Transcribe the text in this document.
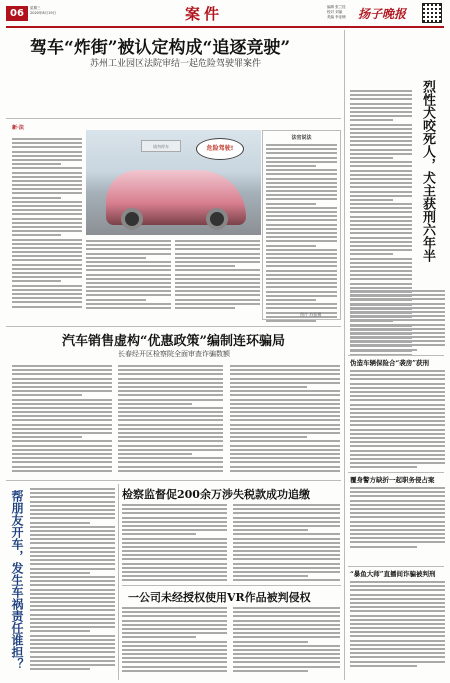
06	星期三
2020年8月19日	案件	编辑 张兰桂
校对 刘丽
美编 李亚楠 扬子晚报
驾车“炸街”被认定构成“追逐竞驶”
苏州工业园区法院审结一起危险驾驶罪案件
新·法
请勿停车	危险驾驶!
法官说法
图片 苏报摄
烈性犬咬死人，犬主获刑六年半
伪造车辆保险合“袭房”获刑
覆身警方缺折一起职务侵占案
“暴鱼大师”直播间诈骗被判刑
汽车销售虚构“优惠政策”编制连环骗局
长春经开区检察院全面审查诈骗数额
帮朋友开车，发生车祸责任谁担？	检察监督促200余万涉失税款成功追缴
一公司未经授权使用VR作品被判侵权
